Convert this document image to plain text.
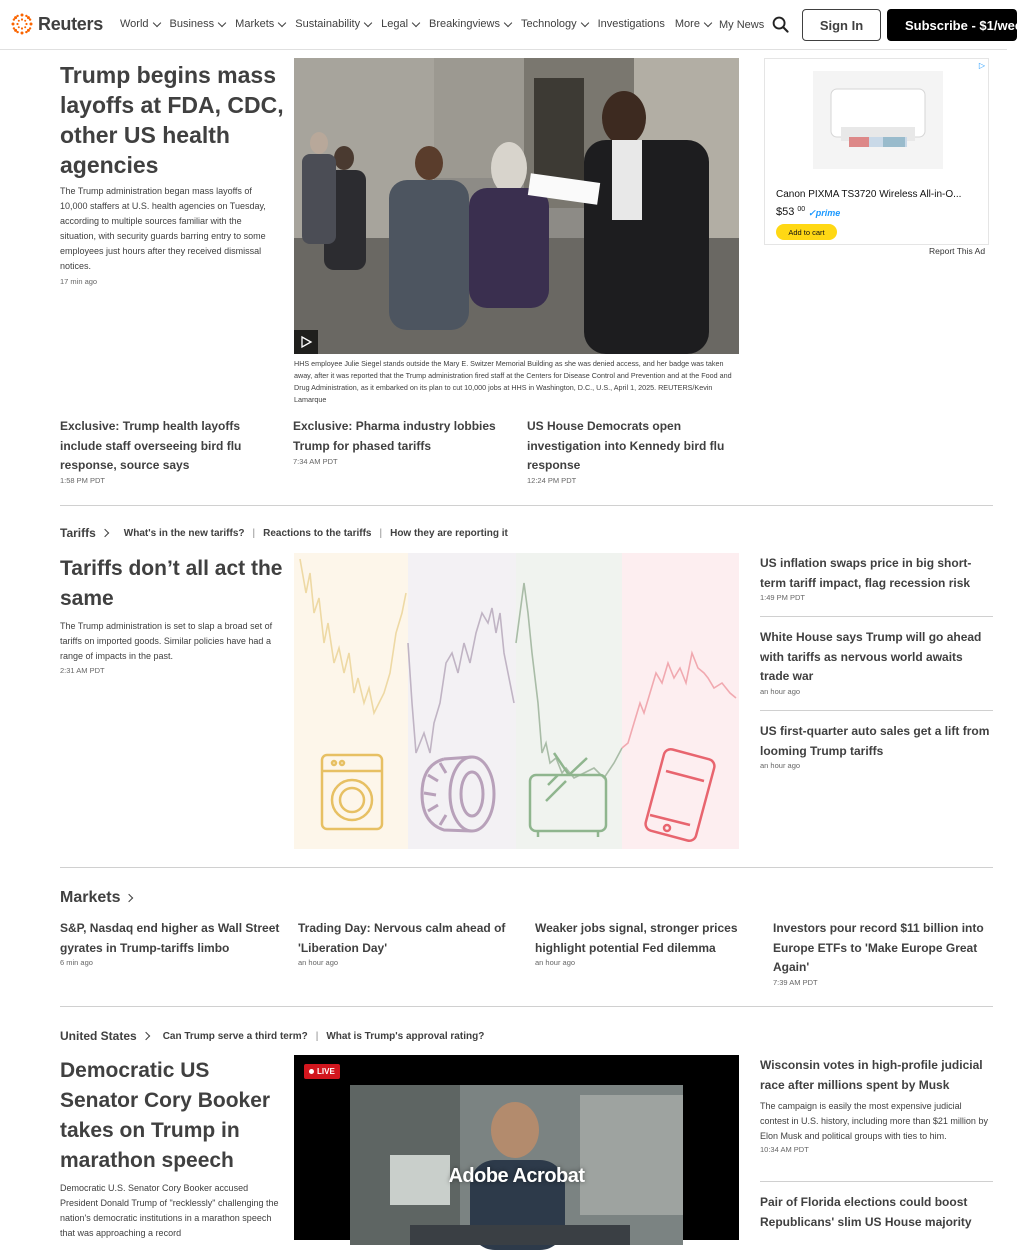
Reuters World Business Markets Sustainability Legal Breakingviews Technology Investigations More My News	Sign In	Subscribe - $1/week
Trump begins mass layoffs at FDA, CDC, other US health agencies
The Trump administration began mass layoffs of 10,000 staffers at U.S. health agencies on Tuesday, according to multiple sources familiar with the situation, with security guards barring entry to some employees just hours after they received dismissal notices.
17 min ago
HHS employee Julie Siegel stands outside the Mary E. Switzer Memorial Building as she was denied access, and her badge was taken away, after it was reported that the Trump administration fired staff at the Centers for Disease Control and Prevention and at the Food and Drug Administration, as it embarked on its plan to cut 10,000 jobs at HHS in Washington, D.C., U.S., April 1, 2025. REUTERS/Kevin Lamarque
▷
Canon PIXMA TS3720 Wireless All-in-O...
$53 $^{00}$ ✓prime
Add to cart
Report This Ad
Exclusive: Trump health layoffs include staff overseeing bird flu response, source says
1:58 PM PDT
Exclusive: Pharma industry lobbies Trump for phased tariffs
7:34 AM PDT
US House Democrats open investigation into Kennedy bird flu response
12:24 PM PDT
Tariffs	What's in the new tariffs? | Reactions to the tariffs | How they are reporting it
Tariffs don’t all act the same
The Trump administration is set to slap a broad set of tariffs on imported goods. Similar policies have had a range of impacts in the past.
2:31 AM PDT
US inflation swaps price in big short-term tariff impact, flag recession risk
1:49 PM PDT
White House says Trump will go ahead with tariffs as nervous world awaits trade war
an hour ago
US first-quarter auto sales get a lift from looming Trump tariffs
an hour ago
Markets
S&P, Nasdaq end higher as Wall Street gyrates in Trump-tariffs limbo
6 min ago
Trading Day: Nervous calm ahead of 'Liberation Day'
an hour ago
Weaker jobs signal, stronger prices highlight potential Fed dilemma
an hour ago
Investors pour record $11 billion into Europe ETFs to 'Make Europe Great Again'
7:39 AM PDT
United States	Can Trump serve a third term? | What is Trump's approval rating?
Democratic US Senator Cory Booker takes on Trump in marathon speech
Democratic U.S. Senator Cory Booker accused President Donald Trump of "recklessly" challenging the nation's democratic institutions in a marathon speech that was approaching a record
Adobe Acrobat
LIVE	Wisconsin votes in high-profile judicial race after millions spent by Musk
The campaign is easily the most expensive judicial contest in U.S. history, including more than $21 million by Elon Musk and political groups with ties to him.
10:34 AM PDT
Pair of Florida elections could boost Republicans' slim US House majority
